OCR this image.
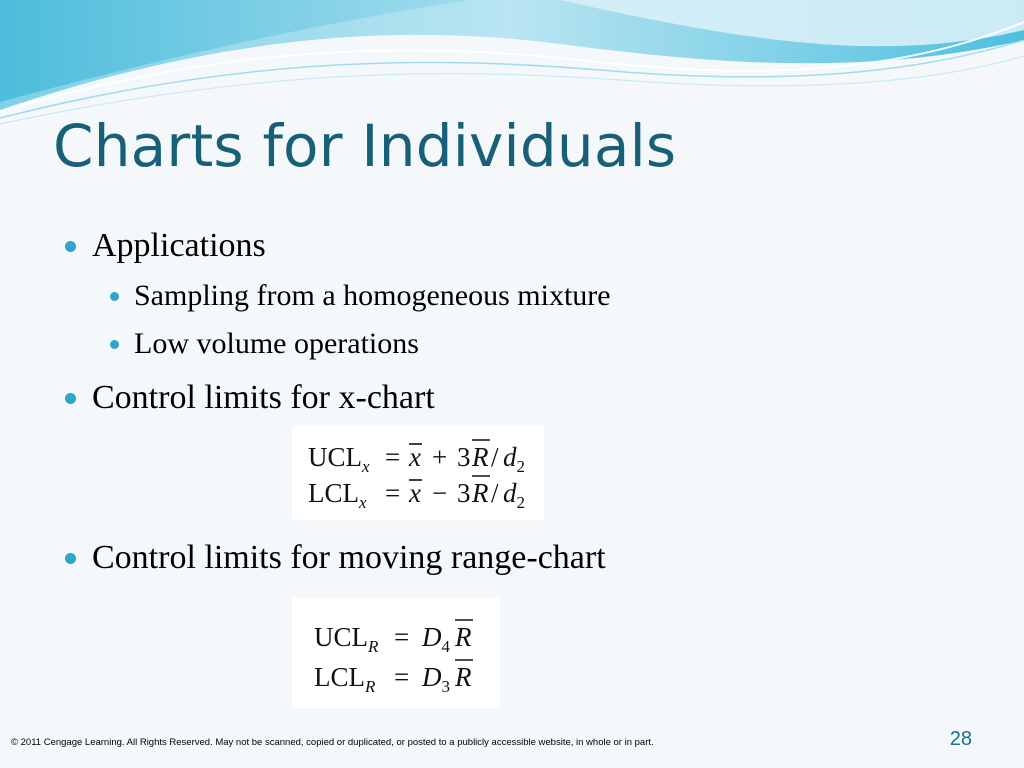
Charts for Individuals
Applications
Sampling from a homogeneous mixture
Low volume operations
Control limits for x-chart
$UCL_x = x + 3$ R / $d_2$
$LCL_x = x - 3$ R / $d_2$
Control limits for moving range-chart
$UCL_R = D_4$ R
$LCL_R = D_3$ R
© 2011 Cengage Learning. All Rights Reserved. May not be scanned, copied or duplicated, or posted to a publicly accessible website, in whole or in part.	28
